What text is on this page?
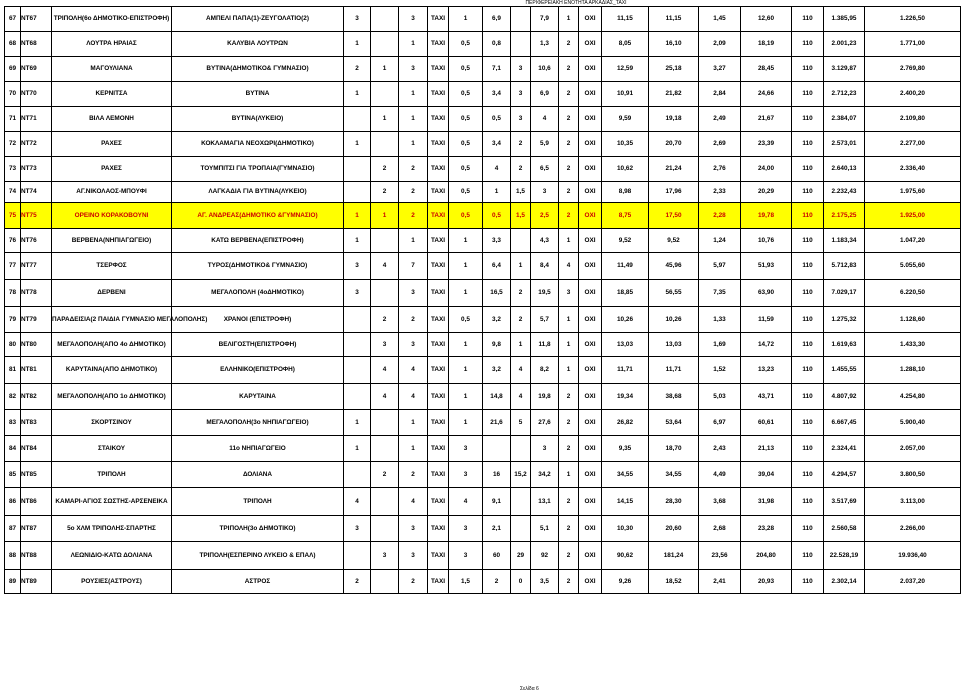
ΠΕΡΙΦΕΡΕΙΑΚΗ ΕΝΟΤΗΤΑ ΑΡΚΑΔΙΑΣ_ΤΑΧΙ
67	NT67	ΤΡΙΠΟΛΗ(6ο ΔΗΜΟΤΙΚΟ-ΕΠΙΣΤΡΟΦΗ)	ΑΜΠΕΛΙ ΠΑΠΑ(1)-ΖΕΥΓΟΛΑΤΙΟ(2)	3		3	ΤΑΧΙ	1	6,9		7,9	1	ΟΧΙ	11,15	11,15	1,45	12,60	110	1.385,95	1.226,50
68	NT68	ΛΟΥΤΡΑ ΗΡΑΙΑΣ	ΚΑΛΥΒΙΑ ΛΟΥΤΡΩΝ	1		1	ΤΑΧΙ	0,5	0,8		1,3	2	ΟΧΙ	8,05	16,10	2,09	18,19	110	2.001,23	1.771,00
69	NT69	ΜΑΓΟΥΛΙΑΝΑ	ΒΥΤΙΝΑ(ΔΗΜΟΤΙΚΟ& ΓΥΜΝΑΣΙΟ)	2	1	3	ΤΑΧΙ	0,5	7,1	3	10,6	2	ΟΧΙ	12,59	25,18	3,27	28,45	110	3.129,87	2.769,80
70	NT70	ΚΕΡΝΙΤΣΑ	ΒΥΤΙΝΑ	1		1	ΤΑΧΙ	0,5	3,4	3	6,9	2	ΟΧΙ	10,91	21,82	2,84	24,66	110	2.712,23	2.400,20
71	NT71	ΒΙΛΑ ΛΕΜΟΝΗ	ΒΥΤΙΝΑ(ΛΥΚΕΙΟ)		1	1	ΤΑΧΙ	0,5	0,5	3	4	2	ΟΧΙ	9,59	19,18	2,49	21,67	110	2.384,07	2.109,80
72	NT72	ΡΑΧΕΣ	ΚΟΚΛΑΜΑΓΙΑ ΝΕΟΧΩΡΙ(ΔΗΜΟΤΙΚΟ)	1		1	ΤΑΧΙ	0,5	3,4	2	5,9	2	ΟΧΙ	10,35	20,70	2,69	23,39	110	2.573,01	2.277,00
73	NT73	ΡΑΧΕΣ	ΤΟΥΜΠΙΤΣΙ ΓΙΑ ΤΡΟΠΑΙΑ(ΓΥΜΝΑΣΙΟ)		2	2	ΤΑΧΙ	0,5	4	2	6,5	2	ΟΧΙ	10,62	21,24	2,76	24,00	110	2.640,13	2.336,40
74	NT74	ΑΓ.ΝΙΚΟΛΑΟΣ-ΜΠΟΥΦΙ	ΛΑΓΚΑΔΙΑ ΓΙΑ ΒΥΤΙΝΑ(ΛΥΚΕΙΟ)		2	2	ΤΑΧΙ	0,5	1	1,5	3	2	ΟΧΙ	8,98	17,96	2,33	20,29	110	2.232,43	1.975,60
75	NT75	ΟΡΕΙΝΟ ΚΟΡΑΚΟΒΟΥΝΙ	ΑΓ. ΑΝΔΡΕΑΣ(ΔΗΜΟΤΙΚΟ &ΓΥΜΝΑΣΙΟ)	1	1	2	ΤΑΧΙ	0,5	0,5	1,5	2,5	2	ΟΧΙ	8,75	17,50	2,28	19,78	110	2.175,25	1.925,00
76	NT76	ΒΕΡΒΕΝΑ(ΝΗΠΙΑΓΩΓΕΙΟ)	ΚΑΤΩ ΒΕΡΒΕΝΑ(ΕΠΙΣΤΡΟΦΗ)	1		1	ΤΑΧΙ	1	3,3		4,3	1	ΟΧΙ	9,52	9,52	1,24	10,76	110	1.183,34	1.047,20
77	NT77	ΤΣΕΡΦΟΣ	ΤΥΡΟΣ(ΔΗΜΟΤΙΚΟ& ΓΥΜΝΑΣΙΟ)	3	4	7	ΤΑΧΙ	1	6,4	1	8,4	4	ΟΧΙ	11,49	45,96	5,97	51,93	110	5.712,83	5.055,60
78	NT78	ΔΕΡΒΕΝΙ	ΜΕΓΑΛΟΠΟΛΗ (4οΔΗΜΟΤΙΚΟ)	3		3	ΤΑΧΙ	1	16,5	2	19,5	3	ΟΧΙ	18,85	56,55	7,35	63,90	110	7.029,17	6.220,50
79	NT79	ΠΑΡΑΔΕΙΣΙΑ(2 ΠΑΙΔΙΑ ΓΥΜΝΑΣΙΟ ΜΕΓΑΛΟΠΟΛΗΣ)	ΧΡΑΝΟΙ (ΕΠΙΣΤΡΟΦΗ)		2	2	ΤΑΧΙ	0,5	3,2	2	5,7	1	ΟΧΙ	10,26	10,26	1,33	11,59	110	1.275,32	1.128,60
80	NT80	ΜΕΓΑΛΟΠΟΛΗ(ΑΠΟ 4ο ΔΗΜΟΤΙΚΟ)	ΒΕΛΙΓΟΣΤΗ(ΕΠΙΣΤΡΟΦΗ)		3	3	ΤΑΧΙ	1	9,8	1	11,8	1	ΟΧΙ	13,03	13,03	1,69	14,72	110	1.619,63	1.433,30
81	NT81	ΚΑΡΥΤΑΙΝΑ(ΑΠΟ ΔΗΜΟΤΙΚΟ)	ΕΛΛΗΝΙΚΟ(ΕΠΙΣΤΡΟΦΗ)		4	4	ΤΑΧΙ	1	3,2	4	8,2	1	ΟΧΙ	11,71	11,71	1,52	13,23	110	1.455,55	1.288,10
82	NT82	ΜΕΓΑΛΟΠΟΛΗ(ΑΠΟ 1ο ΔΗΜΟΤΙΚΟ)	ΚΑΡΥΤΑΙΝΑ		4	4	ΤΑΧΙ	1	14,8	4	19,8	2	ΟΧΙ	19,34	38,68	5,03	43,71	110	4.807,92	4.254,80
83	NT83	ΣΚΟΡΤΣΙΝΟΥ	ΜΕΓΑΛΟΠΟΛΗ(3ο ΝΗΠΙΑΓΩΓΕΙΟ)	1		1	ΤΑΧΙ	1	21,6	5	27,6	2	ΟΧΙ	26,82	53,64	6,97	60,61	110	6.667,45	5.900,40
84	NT84	ΣΤΑΙΚΟΥ	11ο ΝΗΠΙΑΓΩΓΕΙΟ	1		1	ΤΑΧΙ	3			3	2	ΟΧΙ	9,35	18,70	2,43	21,13	110	2.324,41	2.057,00
85	NT85	ΤΡΙΠΟΛΗ	ΔΟΛΙΑΝΑ		2	2	ΤΑΧΙ	3	16	15,2	34,2	1	ΟΧΙ	34,55	34,55	4,49	39,04	110	4.294,57	3.800,50
86	NT86	ΚΑΜΑΡΙ-ΑΓΙΟΣ ΣΩΣΤΗΣ-ΑΡΣΕΝΕΙΚΑ	ΤΡΙΠΟΛΗ	4		4	ΤΑΧΙ	4	9,1		13,1	2	ΟΧΙ	14,15	28,30	3,68	31,98	110	3.517,69	3.113,00
87	NT87	5ο ΧΛΜ ΤΡΙΠΟΛΗΣ-ΣΠΑΡΤΗΣ	ΤΡΙΠΟΛΗ(3ο ΔΗΜΟΤΙΚΟ)	3		3	ΤΑΧΙ	3	2,1		5,1	2	ΟΧΙ	10,30	20,60	2,68	23,28	110	2.560,58	2.266,00
88	NT88	ΛΕΩΝΙΔΙΟ-ΚΑΤΩ ΔΟΛΙΑΝΑ	ΤΡΙΠΟΛΗ(ΕΣΠΕΡΙΝΟ ΛΥΚΕΙΟ & ΕΠΑΛ)		3	3	ΤΑΧΙ	3	60	29	92	2	ΟΧΙ	90,62	181,24	23,56	204,80	110	22.528,19	19.936,40
89	NT89	ΡΟΥΣΙΕΣ(ΑΣΤΡΟΥΣ)	ΑΣΤΡΟΣ	2		2	ΤΑΧΙ	1,5	2	0	3,5	2	ΟΧΙ	9,26	18,52	2,41	20,93	110	2.302,14	2.037,20
Σελίδα 6
